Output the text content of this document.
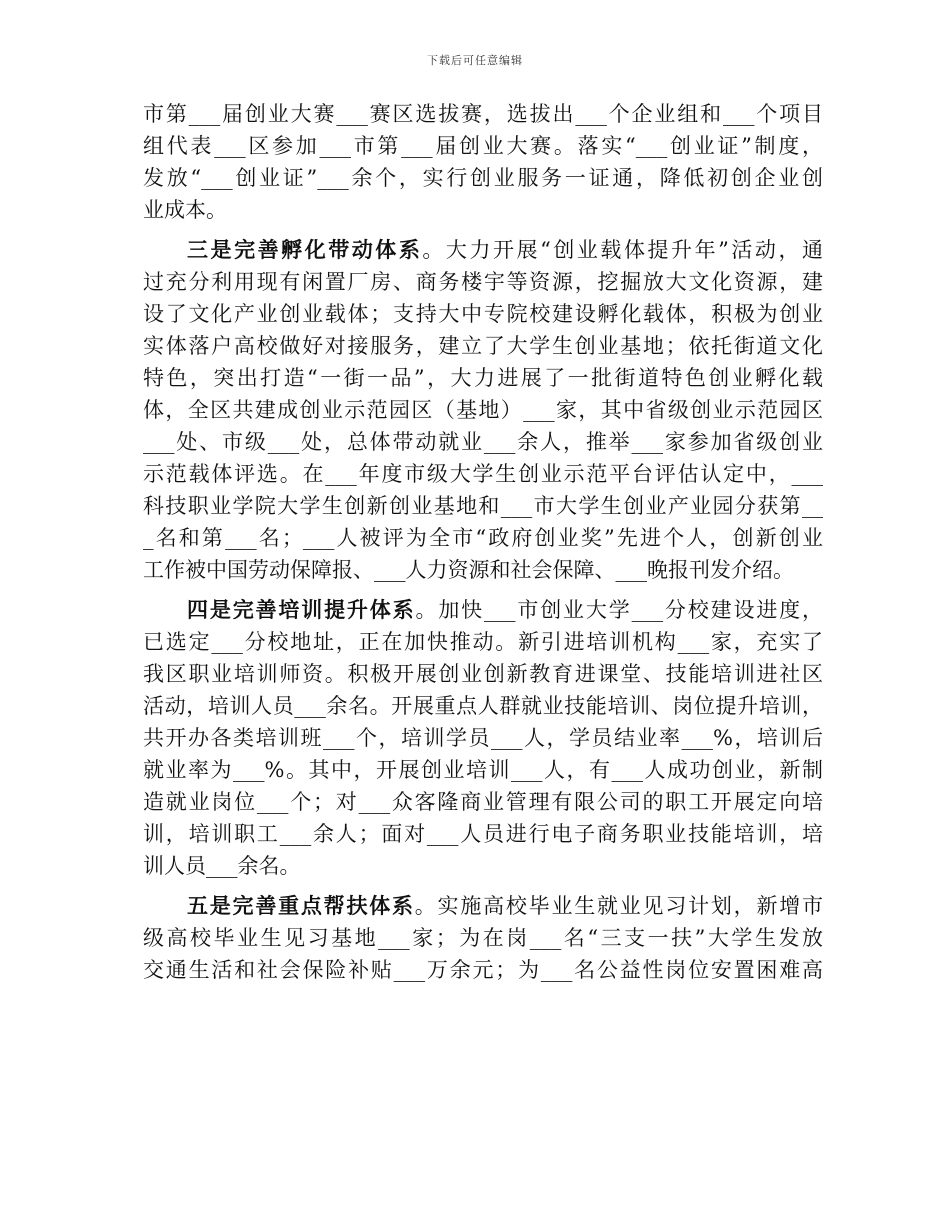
下载后可任意编辑
市第___届创业大赛___赛区选拔赛，选拔出___个企业组和___个项目
组代表___区参加___市第___届创业大赛。落实“___创业证”制度，
发放“___创业证”___余个，实行创业服务一证通，降低初创企业创
业成本。
三是完善孵化带动体系。大力开展“创业载体提升年”活动，通
过充分利用现有闲置厂房、商务楼宇等资源，挖掘放大文化资源，建
设了文化产业创业载体；支持大中专院校建设孵化载体，积极为创业
实体落户高校做好对接服务，建立了大学生创业基地；依托街道文化
特色，突出打造“一街一品”，大力进展了一批街道特色创业孵化载
体，全区共建成创业示范园区（基地）___家，其中省级创业示范园区
___处、市级___处，总体带动就业___余人，推举___家参加省级创业
示范载体评选。在___年度市级大学生创业示范平台评估认定中，___
科技职业学院大学生创新创业基地和___市大学生创业产业园分获第__
_名和第___名；___人被评为全市“政府创业奖”先进个人，创新创业
工作被中国劳动保障报、___人力资源和社会保障、___晚报刊发介绍。
四是完善培训提升体系。加快___市创业大学___分校建设进度，
已选定___分校地址，正在加快推动。新引进培训机构___家，充实了
我区职业培训师资。积极开展创业创新教育进课堂、技能培训进社区
活动，培训人员___余名。开展重点人群就业技能培训、岗位提升培训，
共开办各类培训班___个，培训学员___人，学员结业率___%，培训后
就业率为___%。其中，开展创业培训___人，有___人成功创业，新制
造就业岗位___个；对___众客隆商业管理有限公司的职工开展定向培
训，培训职工___余人；面对___人员进行电子商务职业技能培训，培
训人员___余名。
五是完善重点帮扶体系。实施高校毕业生就业见习计划，新增市
级高校毕业生见习基地___家；为在岗___名“三支一扶”大学生发放
交通生活和社会保险补贴___万余元；为___名公益性岗位安置困难高
